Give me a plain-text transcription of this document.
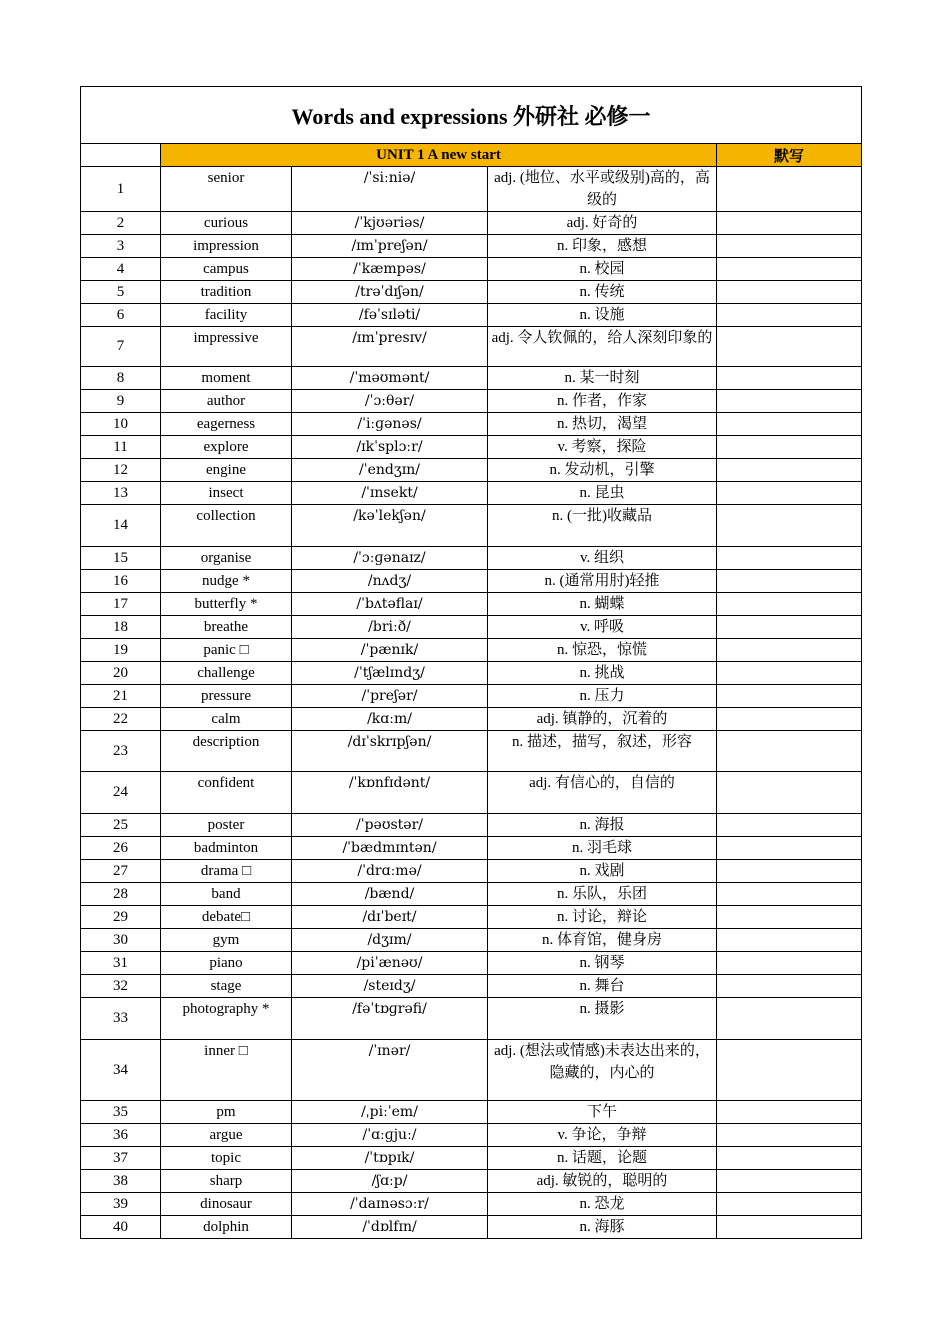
Words and expressions 外研社 必修一				
	UNIT 1 A new start			默写
1	senior	/ˈsiːniə/	adj. (地位、水平或级别)高的，高级的	
2	curious	/ˈkjʊəriəs/	adj. 好奇的	
3	impression	/ɪmˈpreʃən/	n. 印象，感想	
4	campus	/ˈkæmpəs/	n. 校园	
5	tradition	/trəˈdɪʃən/	n. 传统	
6	facility	/fəˈsɪləti/	n. 设施	
7	impressive	/ɪmˈpresɪv/	adj. 令人钦佩的，给人深刻印象的	
8	moment	/ˈməʊmənt/	n. 某一时刻	
9	author	/ˈɔːθər/	n. 作者，作家	
10	eagerness	/ˈiːɡənəs/	n. 热切，渴望	
11	explore	/ɪkˈsplɔːr/	v. 考察，探险	
12	engine	/ˈendʒɪn/	n. 发动机，引擎	
13	insect	/ˈɪnsekt/	n. 昆虫	
14	collection	/kəˈlekʃən/	n. (一批)收藏品	
15	organise	/ˈɔːɡənaɪz/	v. 组织	
16	nudge *	/nʌdʒ/	n. (通常用肘)轻推	
17	butterfly *	/ˈbʌtəflaɪ/	n. 蝴蝶	
18	breathe	/briːð/	v. 呼吸	
19	panic □	/ˈpænɪk/	n. 惊恐，惊慌	
20	challenge	/ˈtʃælɪndʒ/	n. 挑战	
21	pressure	/ˈpreʃər/	n. 压力	
22	calm	/kɑːm/	adj. 镇静的，沉着的	
23	description	/dɪˈskrɪpʃən/	n. 描述，描写，叙述，形容	
24	confident	/ˈkɒnfɪdənt/	adj. 有信心的，自信的	
25	poster	/ˈpəʊstər/	n. 海报	
26	badminton	/ˈbædmɪntən/	n. 羽毛球	
27	drama □	/ˈdrɑːmə/	n. 戏剧	
28	band	/bænd/	n. 乐队，乐团	
29	debate□	/dɪˈbeɪt/	n. 讨论，辩论	
30	gym	/dʒɪm/	n. 体育馆，健身房	
31	piano	/piˈænəʊ/	n. 钢琴	
32	stage	/steɪdʒ/	n. 舞台	
33	photography *	/fəˈtɒɡrəfi/	n. 摄影	
34	inner □	/ˈɪnər/	adj. (想法或情感)未表达出来的，隐藏的，内心的	
35	pm	/ˌpiːˈem/	下午	
36	argue	/ˈɑːɡjuː/	v. 争论，争辩	
37	topic	/ˈtɒpɪk/	n. 话题，论题	
38	sharp	/ʃɑːp/	adj. 敏锐的，聪明的	
39	dinosaur	/ˈdaɪnəsɔːr/	n. 恐龙	
40	dolphin	/ˈdɒlfɪn/	n. 海豚	
